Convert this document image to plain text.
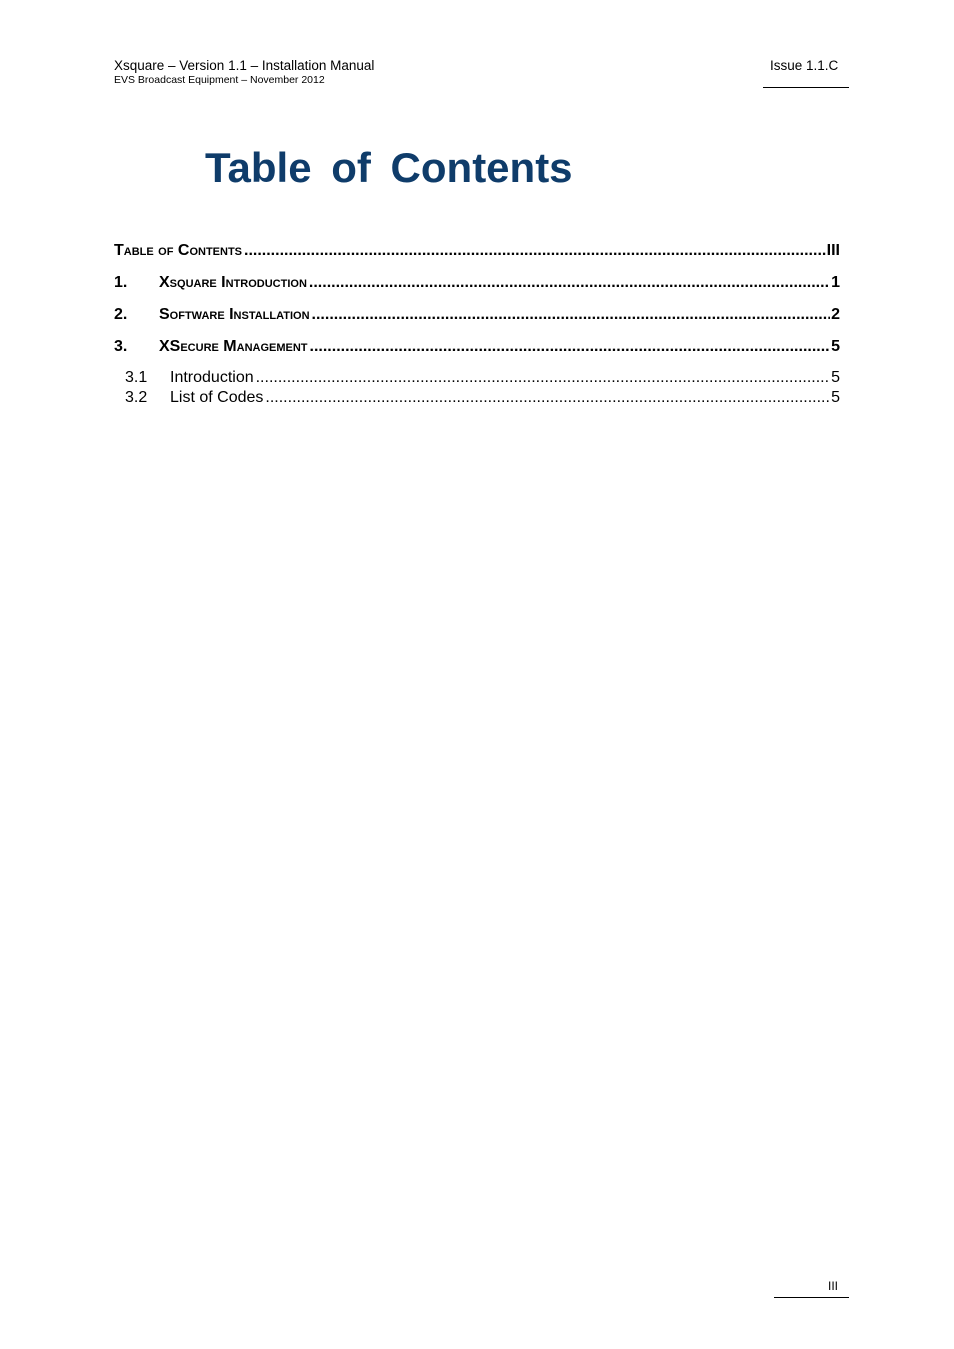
Xsquare – Version 1.1 – Installation Manual
EVS Broadcast Equipment – November 2012
Issue 1.1.C
Table of Contents
Table of Contents .....	III
1.	Xsquare Introduction .....	1
2.	Software Installation .....	2
3.	XSecure Management .....	5
3.1	Introduction .....	5
3.2	List of Codes .....	5
III
